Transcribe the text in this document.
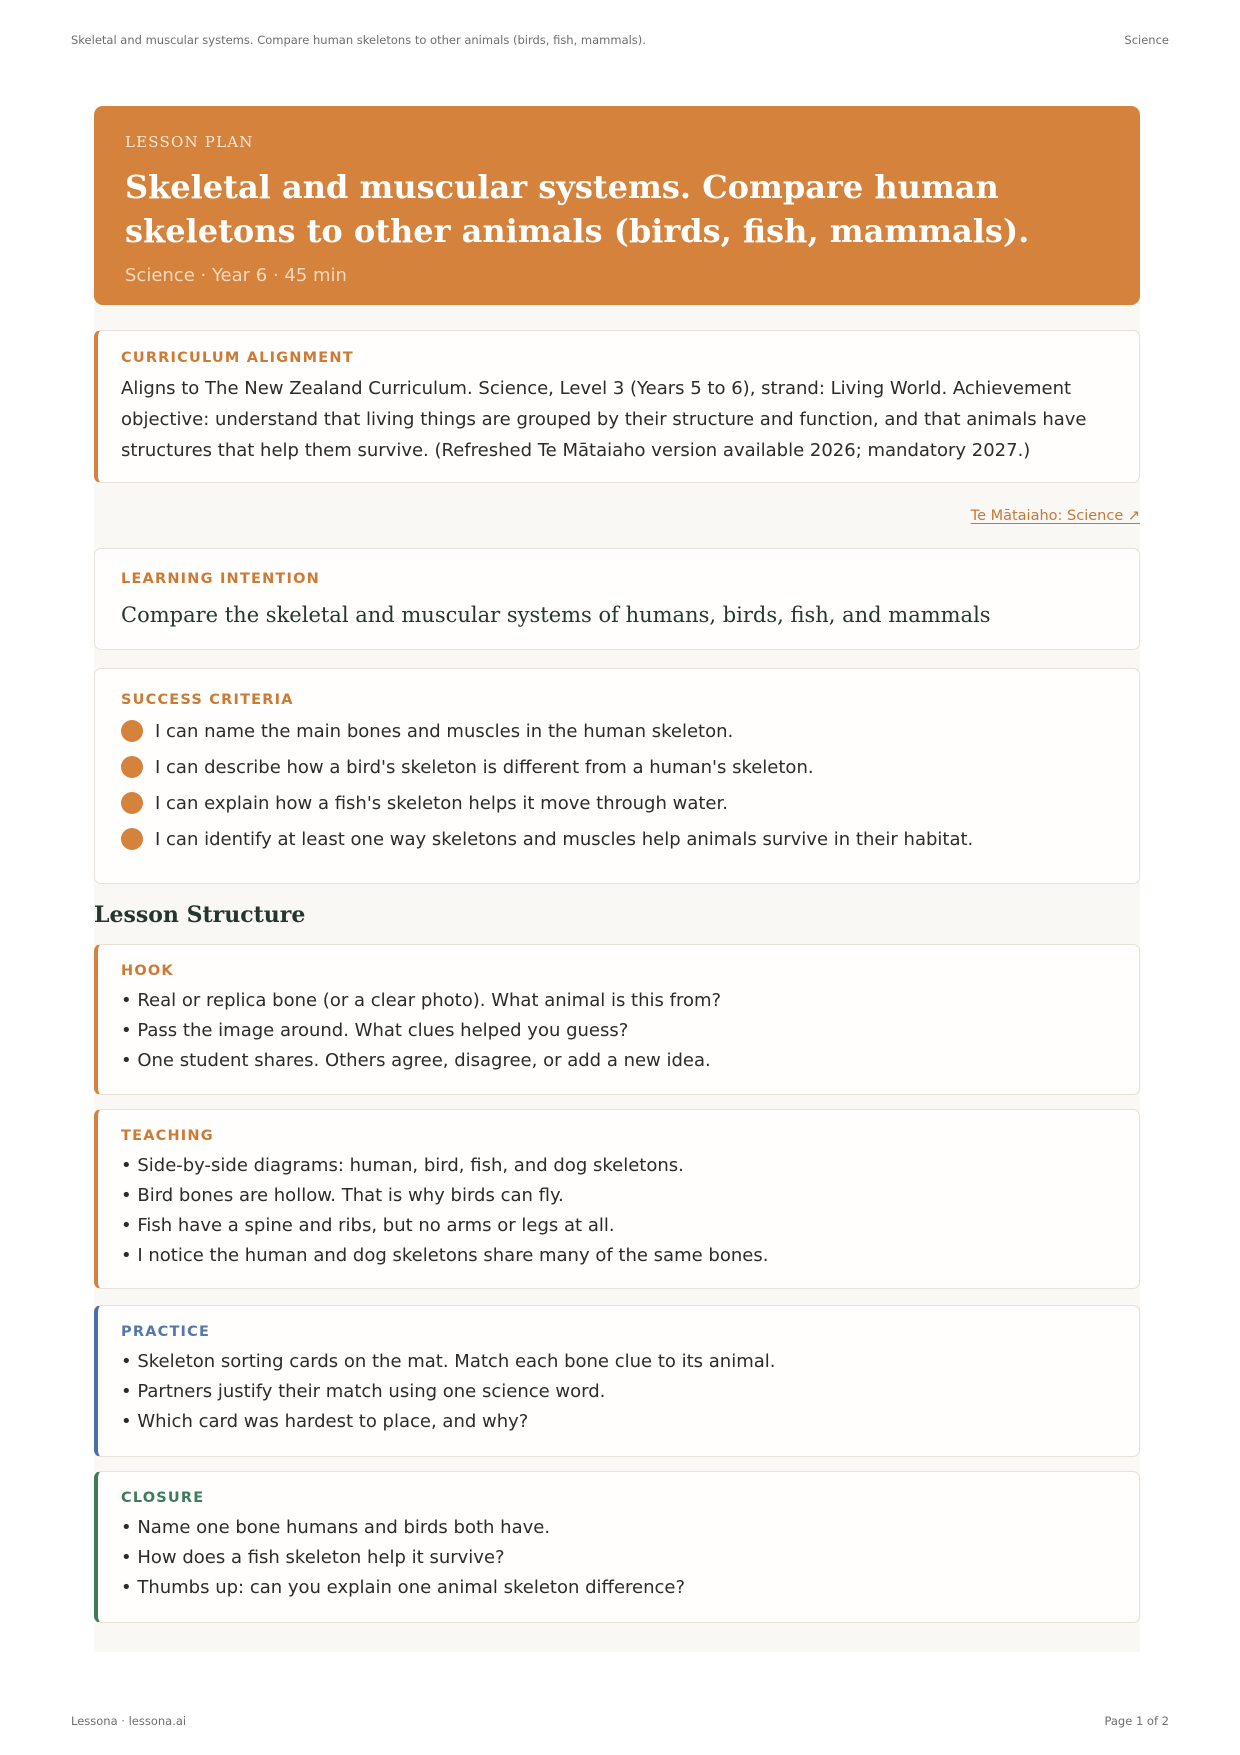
Skeletal and muscular systems. Compare human skeletons to other animals (birds, fish, mammals).	Science
LESSON PLAN
Skeletal and muscular systems. Compare human skeletons to other animals (birds, fish, mammals).
Science · Year 6 · 45 min
CURRICULUM ALIGNMENT
Aligns to The New Zealand Curriculum. Science, Level 3 (Years 5 to 6), strand: Living World. Achievement objective: understand that living things are grouped by their structure and function, and that animals have structures that help them survive. (Refreshed Te Mātaiaho version available 2026; mandatory 2027.)
Te Mātaiaho: Science ↗
LEARNING INTENTION
Compare the skeletal and muscular systems of humans, birds, fish, and mammals
SUCCESS CRITERIA
I can name the main bones and muscles in the human skeleton.
I can describe how a bird's skeleton is different from a human's skeleton.
I can explain how a fish's skeleton helps it move through water.
I can identify at least one way skeletons and muscles help animals survive in their habitat.
Lesson Structure
HOOK
• Real or replica bone (or a clear photo). What animal is this from?
• Pass the image around. What clues helped you guess?
• One student shares. Others agree, disagree, or add a new idea.
TEACHING
• Side-by-side diagrams: human, bird, fish, and dog skeletons.
• Bird bones are hollow. That is why birds can fly.
• Fish have a spine and ribs, but no arms or legs at all.
• I notice the human and dog skeletons share many of the same bones.
PRACTICE
• Skeleton sorting cards on the mat. Match each bone clue to its animal.
• Partners justify their match using one science word.
• Which card was hardest to place, and why?
CLOSURE
• Name one bone humans and birds both have.
• How does a fish skeleton help it survive?
• Thumbs up: can you explain one animal skeleton difference?
Lessona · lessona.ai	Page 1 of 2
